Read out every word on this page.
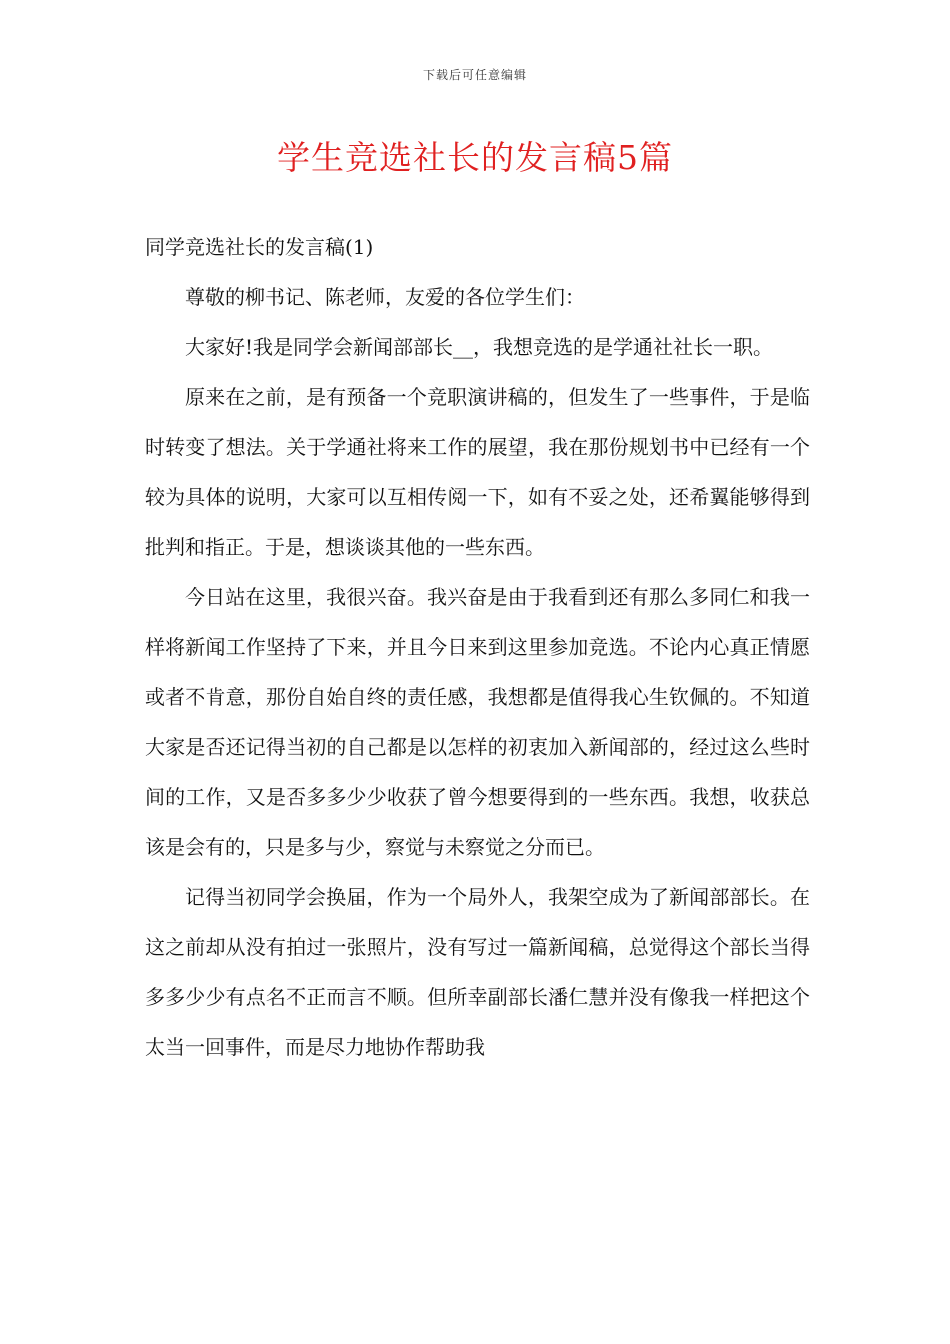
下载后可任意编辑
学生竞选社长的发言稿5篇

同学竞选社长的发言稿(1)

尊敬的柳书记、陈老师，友爱的各位学生们：

大家好!我是同学会新闻部部长__，我想竞选的是学通社社长一职。

原来在之前，是有预备一个竞职演讲稿的，但发生了一些事件，于是临时转变了想法。关于学通社将来工作的展望，我在那份规划书中已经有一个较为具体的说明，大家可以互相传阅一下，如有不妥之处，还希翼能够得到批判和指正。于是，想谈谈其他的一些东西。

今日站在这里，我很兴奋。我兴奋是由于我看到还有那么多同仁和我一样将新闻工作坚持了下来，并且今日来到这里参加竞选。不论内心真正情愿或者不肯意，那份自始自终的责任感，我想都是值得我心生钦佩的。不知道大家是否还记得当初的自己都是以怎样的初衷加入新闻部的，经过这么些时间的工作，又是否多多少少收获了曾今想要得到的一些东西。我想，收获总该是会有的，只是多与少，察觉与未察觉之分而已。

记得当初同学会换届，作为一个局外人，我架空成为了新闻部部长。在这之前却从没有拍过一张照片，没有写过一篇新闻稿，总觉得这个部长当得多多少少有点名不正而言不顺。但所幸副部长潘仁慧并没有像我一样把这个太当一回事件，而是尽力地协作帮助我
